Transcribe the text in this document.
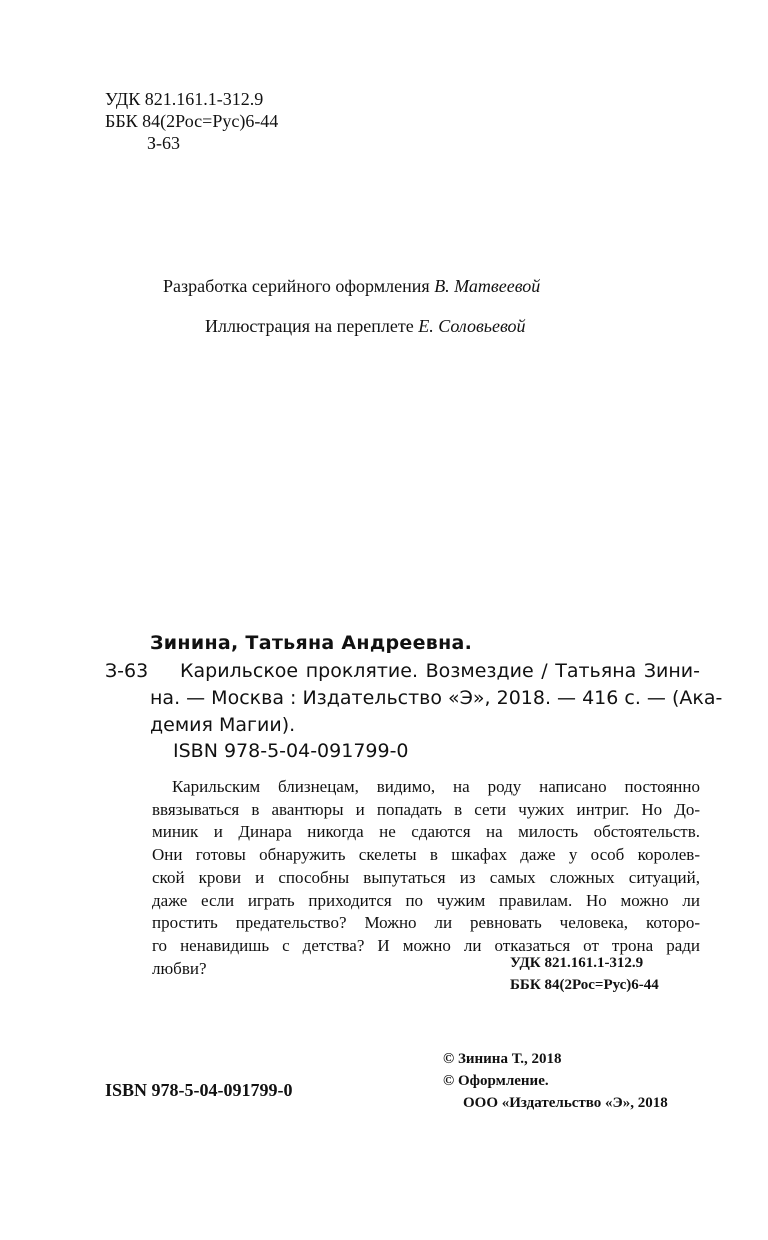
УДК 821.161.1-312.9
ББК 84(2Рос=Рус)6-44
З-63
Разработка серийного оформления В. Матвеевой
Иллюстрация на переплете Е. Соловьевой
Зинина, Татьяна Андреевна.
З-63	Карильское проклятие. Возмездие / Татьяна Зини-
на. — Москва : Издательство «Э», 2018. — 416 с. — (Ака-
демия Магии).
ISBN 978-5-04-091799-0
Карильским близнецам, видимо, на роду написано постоянно
ввязываться в авантюры и попадать в сети чужих интриг. Но До-
миник и Динара никогда не сдаются на милость обстоятельств.
Они готовы обнаружить скелеты в шкафах даже у особ королев-
ской крови и способны выпутаться из самых сложных ситуаций,
даже если играть приходится по чужим правилам. Но можно ли
простить предательство? Можно ли ревновать человека, которо-
го ненавидишь с детства? И можно ли отказаться от трона ради
любви?	УДК 821.161.1-312.9
ББК 84(2Рос=Рус)6-44
ISBN 978-5-04-091799-0
© Зинина Т., 2018
© Оформление.
ООО «Издательство «Э», 2018
